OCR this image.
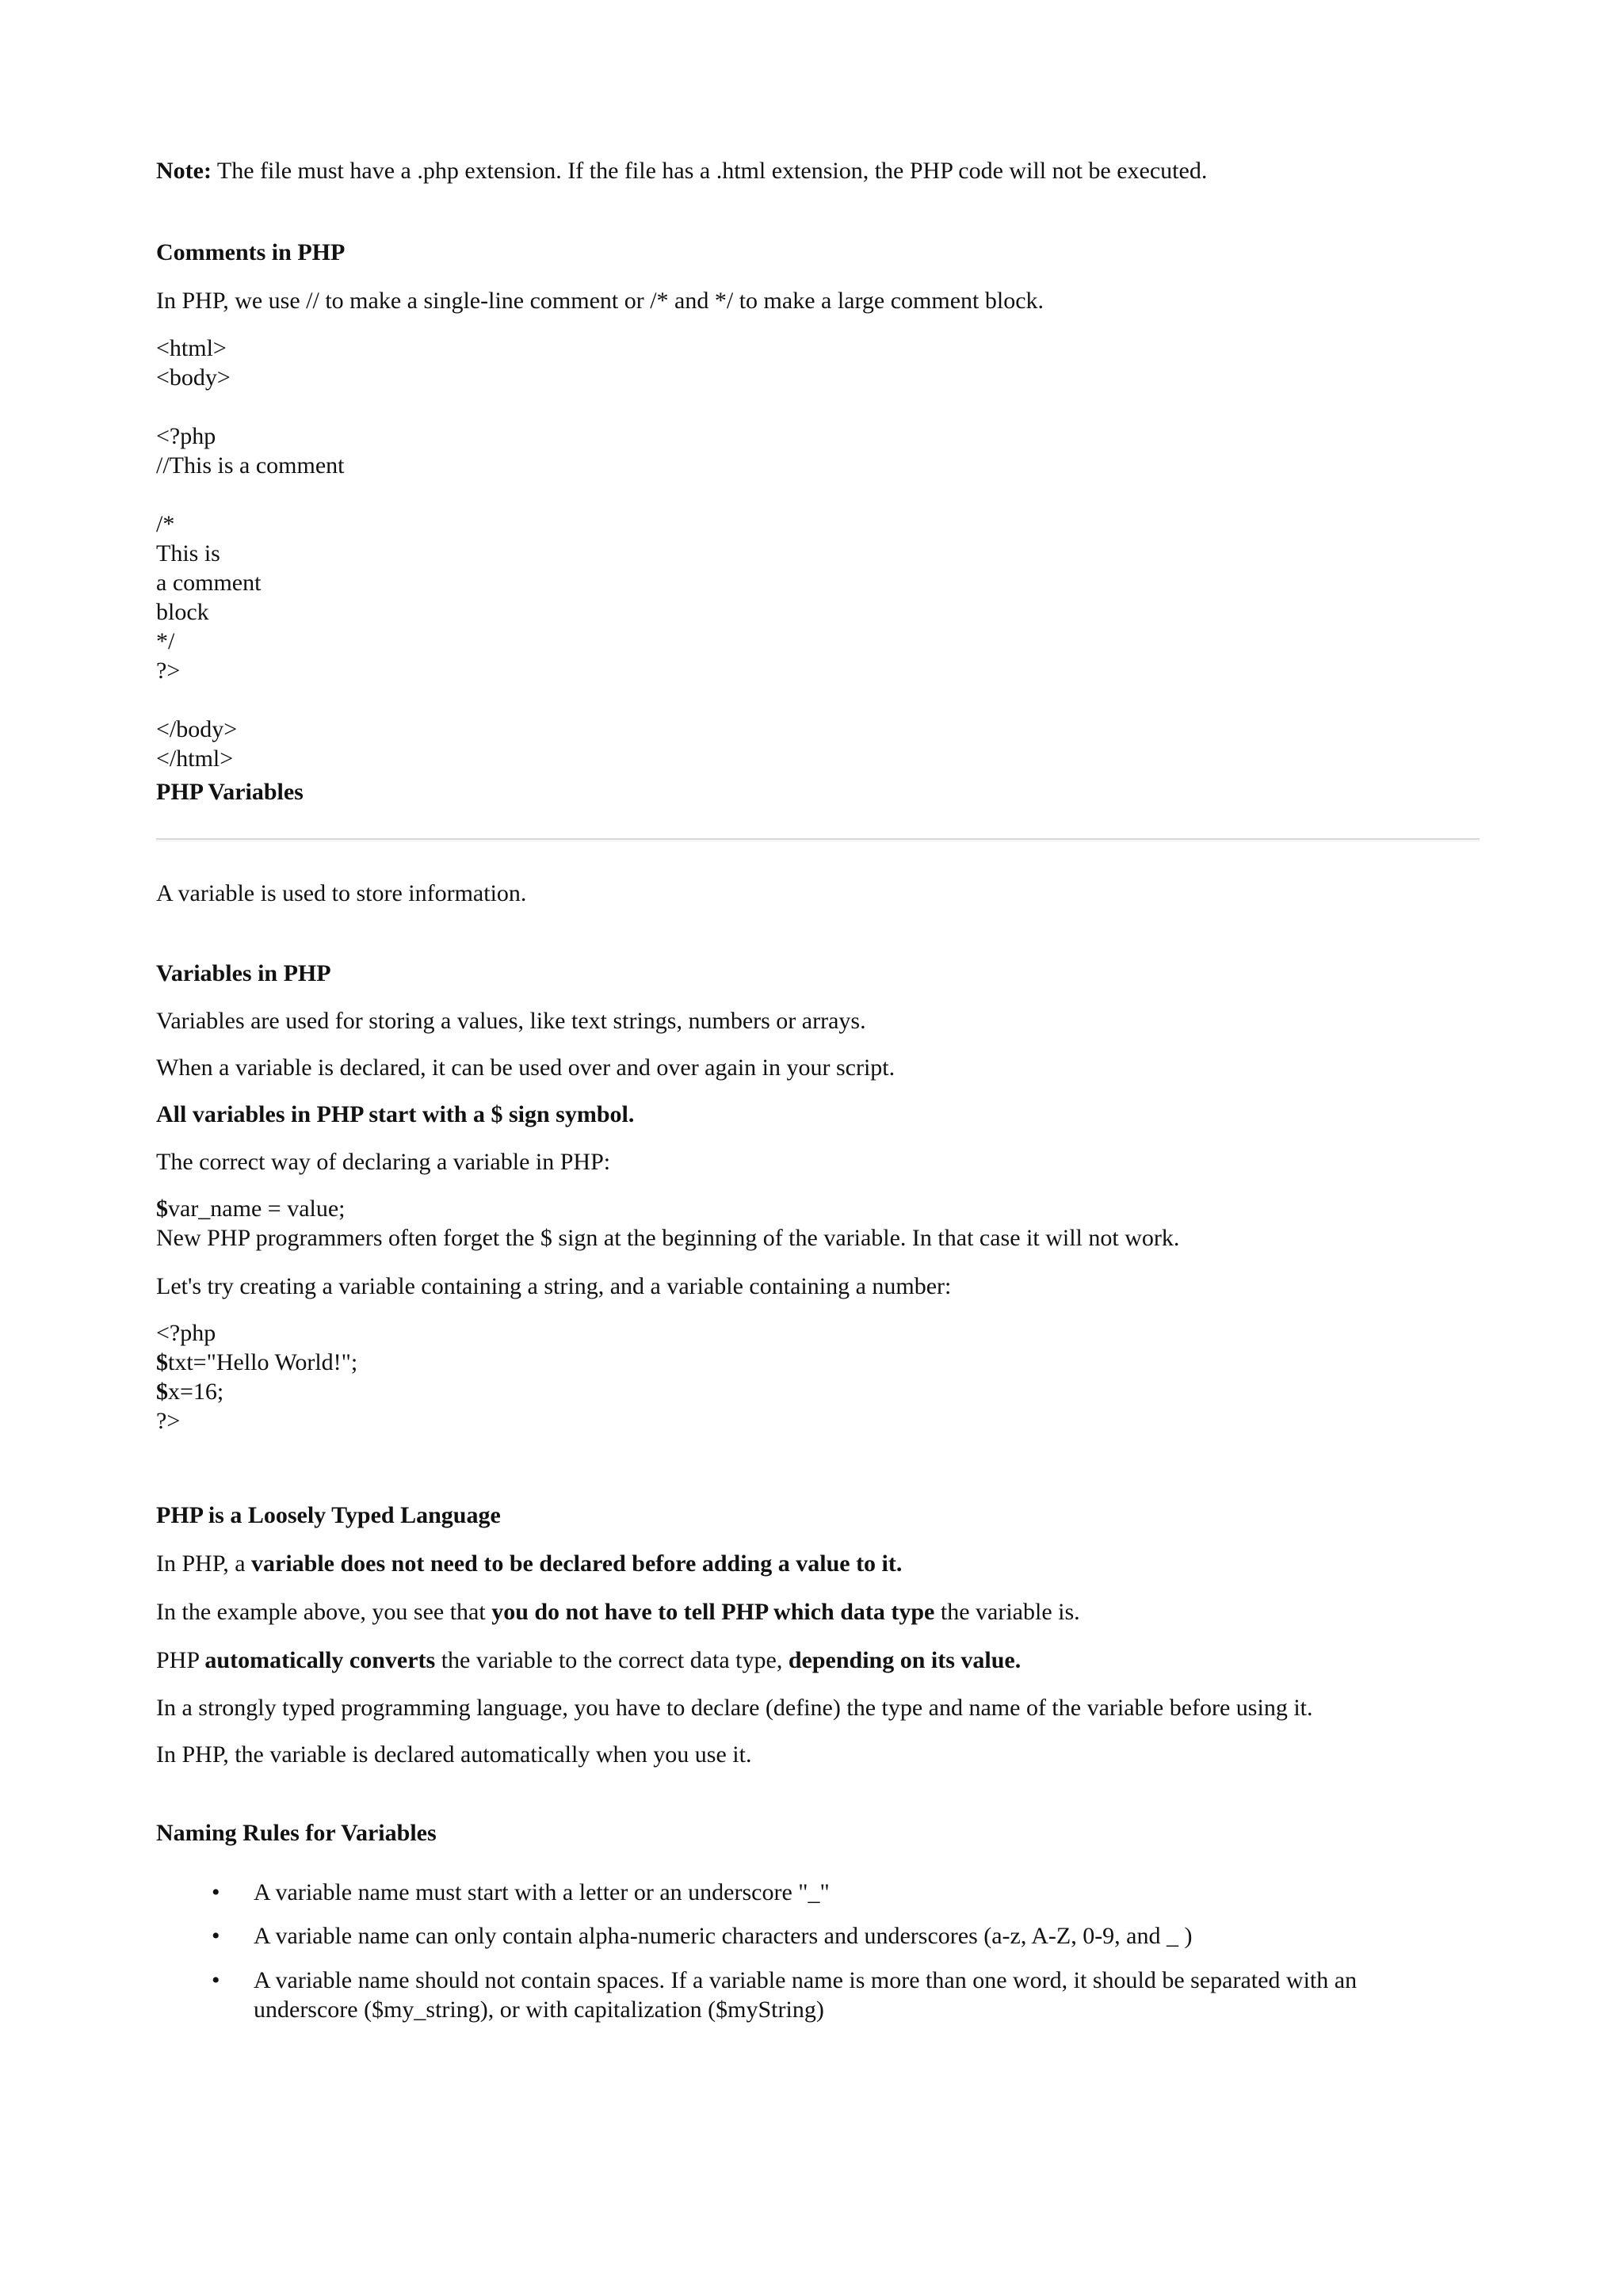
Note: The file must have a .php extension. If the file has a .html extension, the PHP code will not be executed.
Comments in PHP
In PHP, we use // to make a single-line comment or /* and */ to make a large comment block.
<html>
<body>
<?php
//This is a comment
/*
This is
a comment
block
*/
?>
</body>
</html>
PHP Variables
A variable is used to store information.
Variables in PHP
Variables are used for storing a values, like text strings, numbers or arrays.
When a variable is declared, it can be used over and over again in your script.
All variables in PHP start with a $ sign symbol.
The correct way of declaring a variable in PHP:
$var_name = value;
New PHP programmers often forget the $ sign at the beginning of the variable. In that case it will not work.
Let's try creating a variable containing a string, and a variable containing a number:
<?php
$txt="Hello World!";
$x=16;
?>
PHP is a Loosely Typed Language
In PHP, a variable does not need to be declared before adding a value to it.
In the example above, you see that you do not have to tell PHP which data type the variable is.
PHP automatically converts the variable to the correct data type, depending on its value.
In a strongly typed programming language, you have to declare (define) the type and name of the variable before using it.
In PHP, the variable is declared automatically when you use it.
Naming Rules for Variables
• A variable name must start with a letter or an underscore "_"
• A variable name can only contain alpha-numeric characters and underscores (a-z, A-Z, 0-9, and _ )
• A variable name should not contain spaces. If a variable name is more than one word, it should be separated with an underscore ($my_string), or with capitalization ($myString)
